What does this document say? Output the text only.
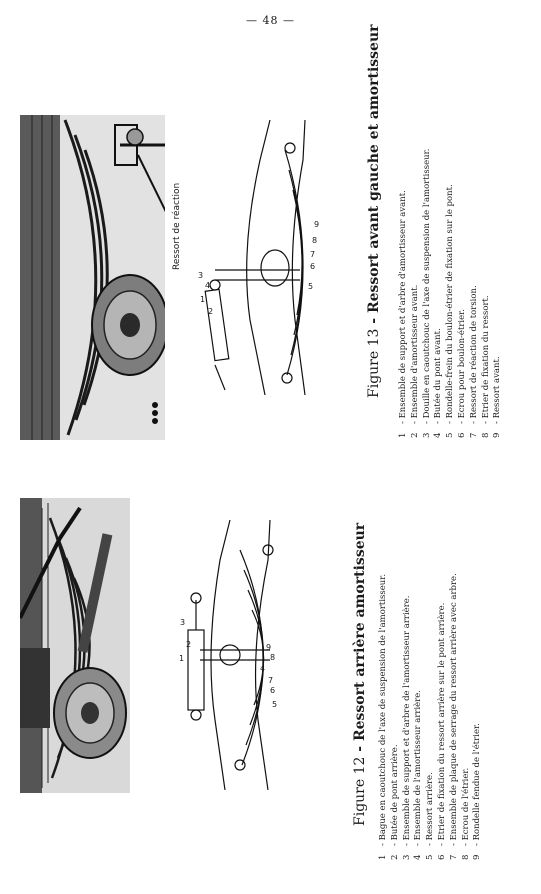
— 48 —
1
2
3
4
5
6
7
8
9
Figure 12 - Ressort arrière amortisseur
1- Bague en caoutchouc de l'axe de suspension de l'amortisseur.
2- Butée de pont arrière.
3- Ensemble de support et d'arbre de l'amortisseur arrière.
4- Ensemble de l'amortisseur arrière.
5- Ressort arrière.
6- Etrier de fixation du ressort arrière sur le pont arrière.
7- Ensemble de plaque de serrage du ressort arrière avec arbre.
8- Ecrou de l'étrier.
9- Rondelle fendue de l'étrier.
Ressort de réaction
1
2
3
4	5
6
7
8
9
Figure 13 - Ressort avant gauche et amortisseur
1- Ensemble de support et d'arbre d'amortisseur avant.
2- Ensemble d'amortisseur avant.
3- Douille en caoutchouc de l'axe de suspension de l'amortisseur.
4- Butée du pont avant.
5- Rondelle-frein du boulon-étrier de fixation sur le pont.
6- Ecrou pour boulon-étrier.
7- Ressort de réaction de torsion.
8- Etrier de fixation du ressort.
9- Ressort avant.
